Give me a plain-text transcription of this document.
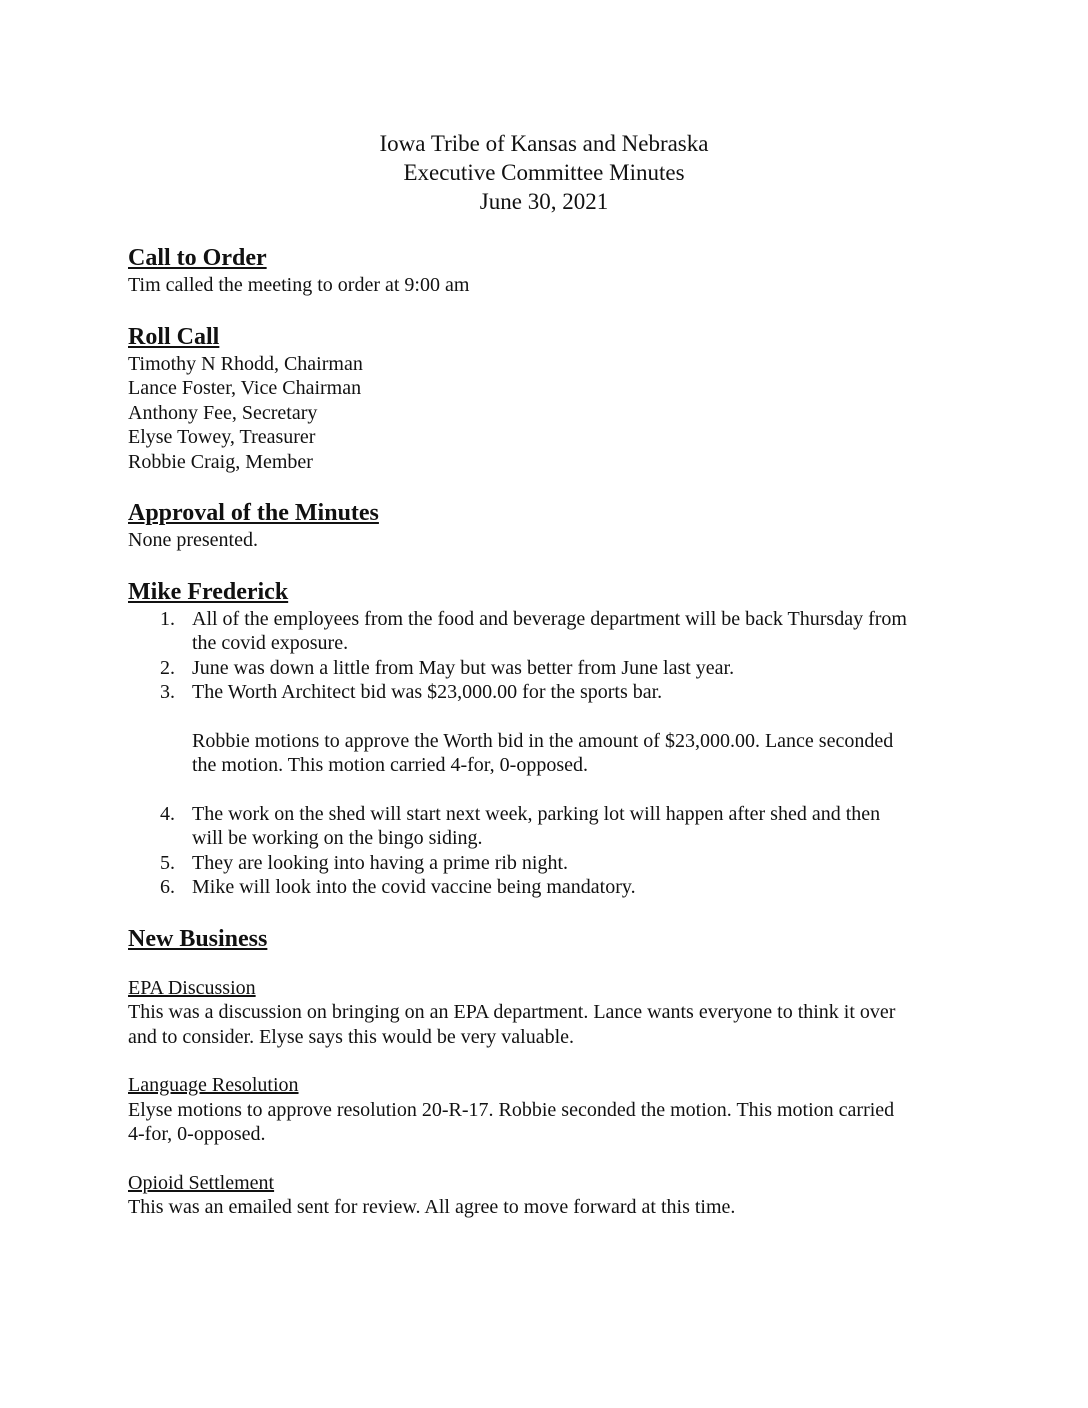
Iowa Tribe of Kansas and Nebraska
Executive Committee Minutes
June 30, 2021
Call to Order

Tim called the meeting to order at 9:00 am

Roll Call

Timothy N Rhodd, Chairman

Lance Foster, Vice Chairman

Anthony Fee, Secretary

Elyse Towey, Treasurer

Robbie Craig, Member

Approval of the Minutes

None presented.

Mike Frederick
1. All of the employees from the food and beverage department will be back Thursday from
the covid exposure.
2. June was down a little from May but was better from June last year.
3. The Worth Architect bid was $23,000.00 for the sports bar.
Robbie motions to approve the Worth bid in the amount of $23,000.00. Lance seconded
the motion. This motion carried 4-for, 0-opposed.
4. The work on the shed will start next week, parking lot will happen after shed and then
will be working on the bingo siding.
5. They are looking into having a prime rib night.
6. Mike will look into the covid vaccine being mandatory.
New Business
EPA Discussion

This was a discussion on bringing on an EPA department. Lance wants everyone to think it over

and to consider. Elyse says this would be very valuable.

Language Resolution

Elyse motions to approve resolution 20-R-17. Robbie seconded the motion. This motion carried

4-for, 0-opposed.

Opioid Settlement

This was an emailed sent for review. All agree to move forward at this time.
